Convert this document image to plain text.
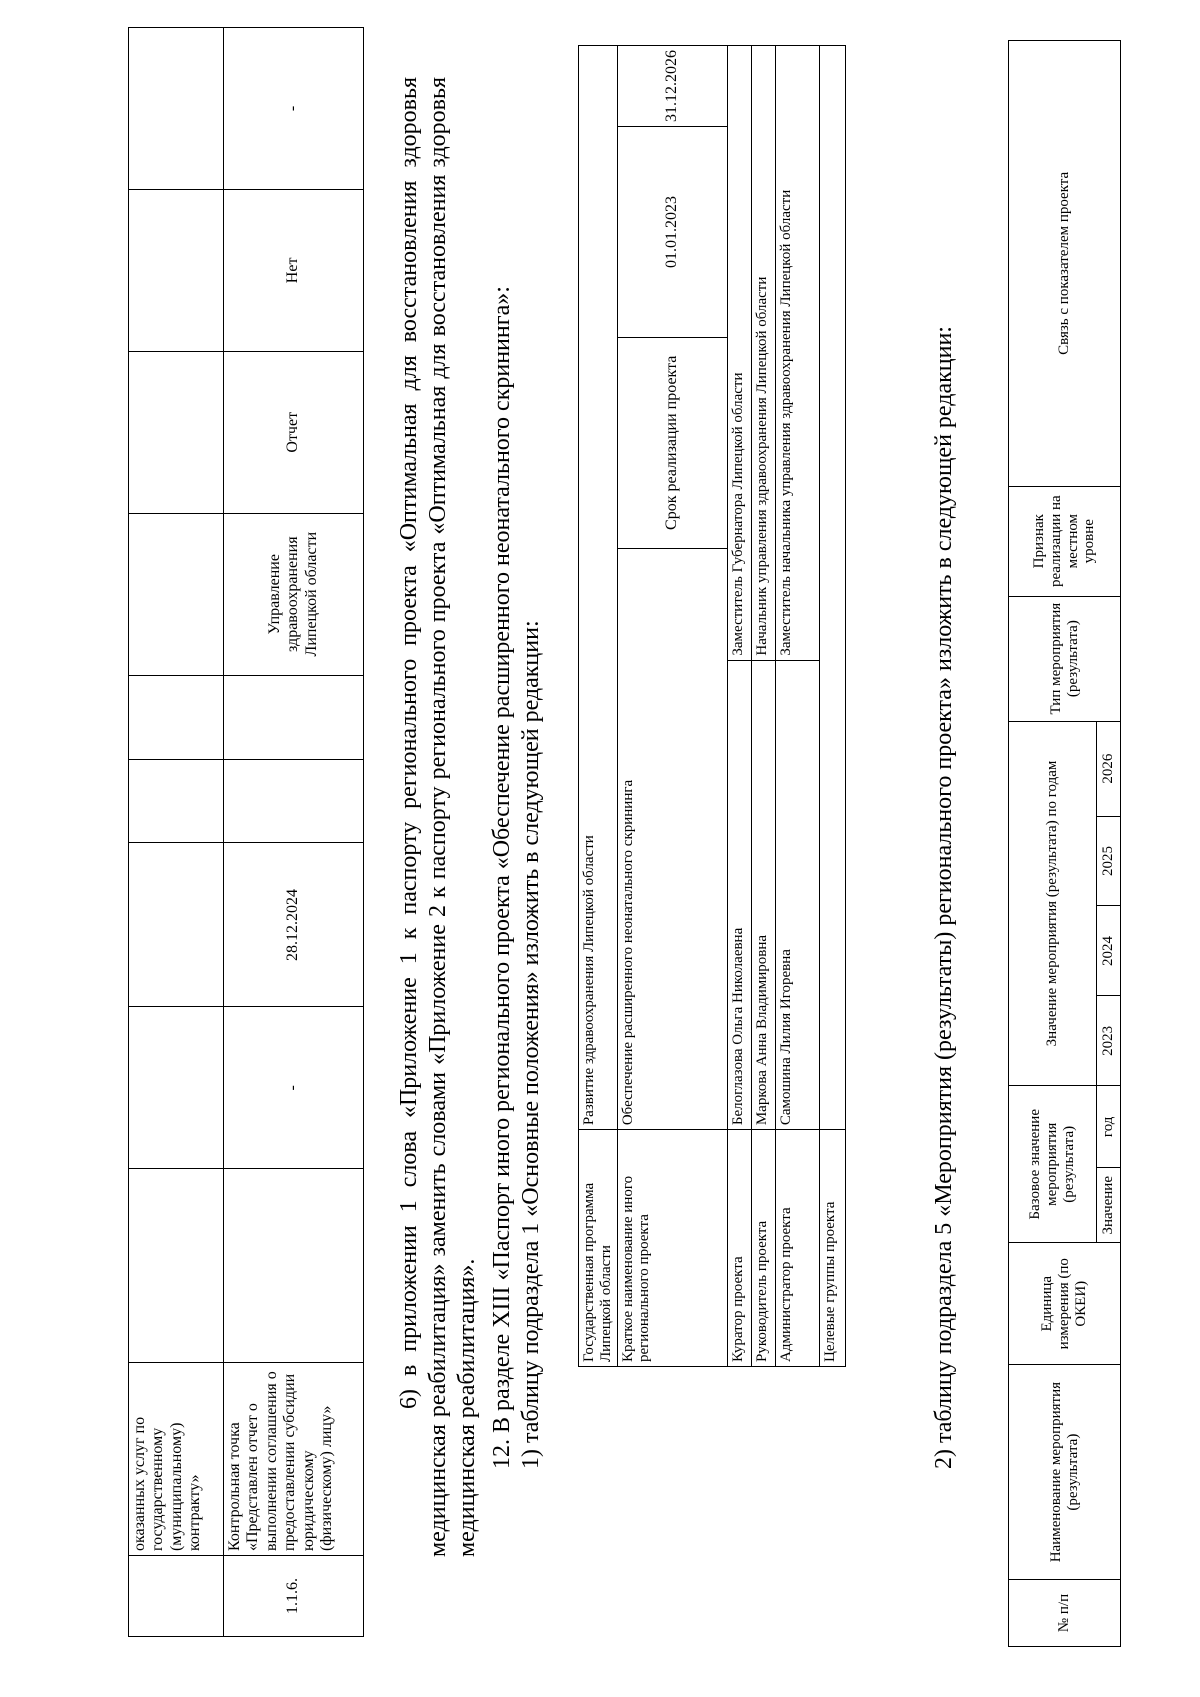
	оказанных услуг по государственному (муниципальному) контракту»									
1.1.6.	Контрольная точка «Представлен отчет о выполнении соглашения о предоставлении субсидии юридическому (физическому) лицу»		-	28.12.2024			Управление здравоохранения Липецкой области	Отчет	Нет	-	6) в приложении 1 слова «Приложение 1 к паспорту регионального проекта «Оптимальная для восстановления здоровья медицинская реабилитация» заменить словами «Приложение 2 к паспорту регионального проекта «Оптимальная для восстановления здоровья медицинская реабилитация». 12. В разделе XIII «Паспорт иного регионального проекта «Обеспечение расширенного неонатального скрининга»: 1) таблицу подраздела 1 «Основные положения» изложить в следующей редакции: Государственная программа Липецкой области	Развитие здравоохранения Липецкой области				
Краткое наименование иного регионального проекта	Обеспечение расширенного неонатального скрининга		Срок реализации проекта	01.01.2023	31.12.2026
Куратор проекта	Белоглазова Ольга Николаевна	Заместитель Губернатора Липецкой области			
Руководитель проекта	Маркова Анна Владимировна	Начальник управления здравоохранения Липецкой области			
Администратор проекта	Самошина Лилия Игоревна	Заместитель начальника управления здравоохранения Липецкой области			
Целевые группы проекта						2) таблицу подраздела 5 «Мероприятия (результаты) регионального проекта» изложить в следующей редакции:
№ п/п	Наименование мероприятия (результата)	Единица измерения (по ОКЕИ)	Базовое значение мероприятия (результата)		Значение мероприятия (результата) по годам				Тип мероприятия (результата)	Признак реализации на местном уровне	Связь с показателем проекта

			Значение	год	2023	2024	2025	2026			
